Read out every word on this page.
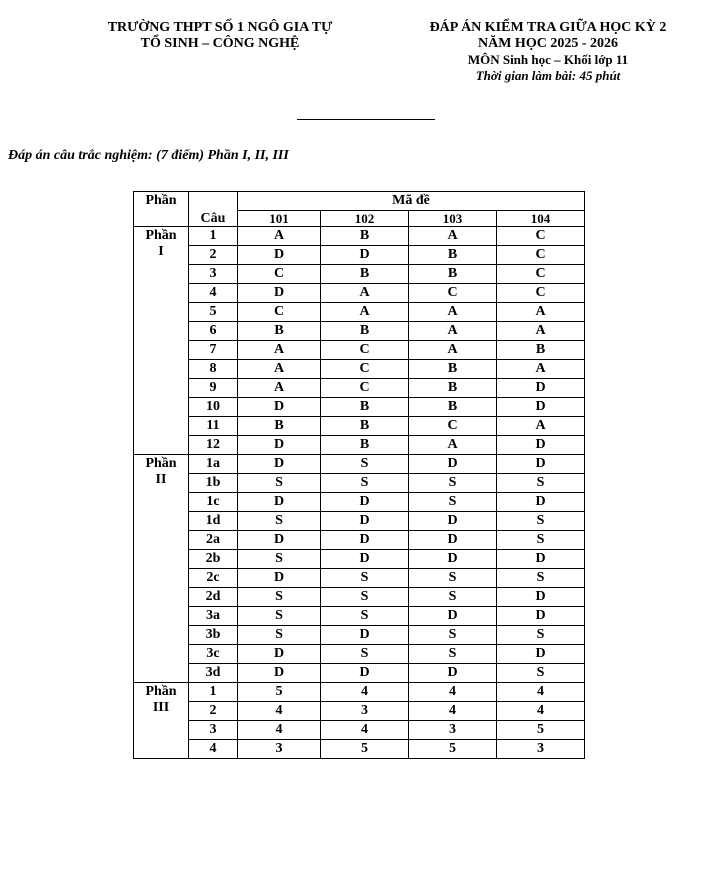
TRƯỜNG THPT SỐ 1 NGÔ GIA TỰ
TỔ SINH – CÔNG NGHỆ
ĐÁP ÁN KIỂM TRA GIỮA HỌC KỲ 2
NĂM HỌC 2025 - 2026
MÔN Sinh học – Khối lớp 11
Thời gian làm bài: 45 phút
Đáp án câu trắc nghiệm: (7 điểm) Phần I, II, III
Phần		Mã đề			
	Câu	101	102	103	104

Phần
I	1	A	B	A	C
	2	D	D	B	C
	3	C	B	B	C
	4	D	A	C	C
	5	C	A	A	A
	6	B	B	A	A
	7	A	C	A	B
	8	A	C	B	A
	9	A	C	B	D
	10	D	B	B	D
	11	B	B	C	A
	12	D	B	A	D

Phần
II	1a	D	S	D	D
	1b	S	S	S	S
	1c	D	D	S	D
	1d	S	D	D	S
	2a	D	D	D	S
	2b	S	D	D	D
	2c	D	S	S	S
	2d	S	S	S	D
	3a	S	S	D	D
	3b	S	D	S	S
	3c	D	S	S	D
	3d	D	D	D	S

Phần
III	1	5	4	4	4
	2	4	3	4	4
	3	4	4	3	5
	4	3	5	5	3
